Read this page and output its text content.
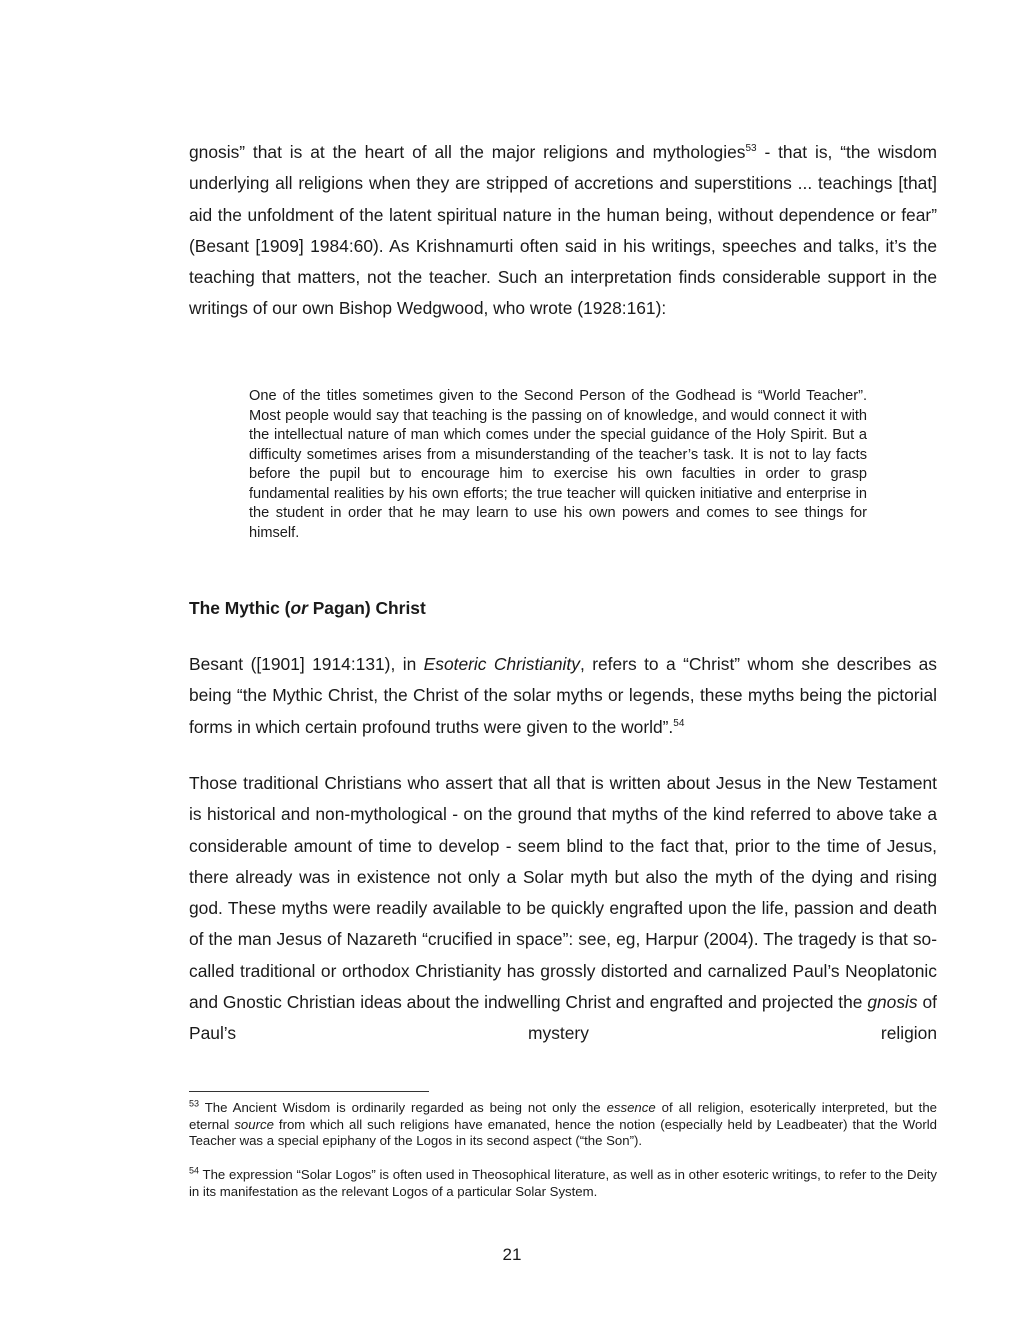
gnosis” that is at the heart of all the major religions and mythologies$^{53}$ - that is, “the wisdom underlying all religions when they are stripped of accretions and superstitions ... teachings [that] aid the unfoldment of the latent spiritual nature in the human being, without dependence or fear” (Besant [1909] 1984:60). As Krishnamurti often said in his writings, speeches and talks, it’s the teaching that matters, not the teacher. Such an interpretation finds considerable support in the writings of our own Bishop Wedgwood, who wrote (1928:161):

One of the titles sometimes given to the Second Person of the Godhead is “World Teacher”. Most people would say that teaching is the passing on of knowledge, and would connect it with the intellectual nature of man which comes under the special guidance of the Holy Spirit. But a difficulty sometimes arises from a misunderstanding of the teacher’s task. It is not to lay facts before the pupil but to encourage him to exercise his own faculties in order to grasp fundamental realities by his own efforts; the true teacher will quicken initiative and enterprise in the student in order that he may learn to use his own powers and comes to see things for himself.

The Mythic (or Pagan) Christ

Besant ([1901] 1914:131), in Esoteric Christianity, refers to a “Christ” whom she describes as being “the Mythic Christ, the Christ of the solar myths or legends, these myths being the pictorial forms in which certain profound truths were given to the world”.$^{54}$

Those traditional Christians who assert that all that is written about Jesus in the New Testament is historical and non-mythological - on the ground that myths of the kind referred to above take a considerable amount of time to develop - seem blind to the fact that, prior to the time of Jesus, there already was in existence not only a Solar myth but also the myth of the dying and rising god. These myths were readily available to be quickly engrafted upon the life, passion and death of the man Jesus of Nazareth “crucified in space”: see, eg, Harpur (2004). The tragedy is that so-called traditional or orthodox Christianity has grossly distorted and carnalized Paul’s Neoplatonic and Gnostic Christian ideas about the indwelling Christ and engrafted and projected the gnosis of Paul’s mystery religion

$^{53}$ The Ancient Wisdom is ordinarily regarded as being not only the essence of all religion, esoterically interpreted, but the eternal source from which all such religions have emanated, hence the notion (especially held by Leadbeater) that the World Teacher was a special epiphany of the Logos in its second aspect (“the Son”).

$^{54}$ The expression “Solar Logos” is often used in Theosophical literature, as well as in other esoteric writings, to refer to the Deity in its manifestation as the relevant Logos of a particular Solar System.

21
